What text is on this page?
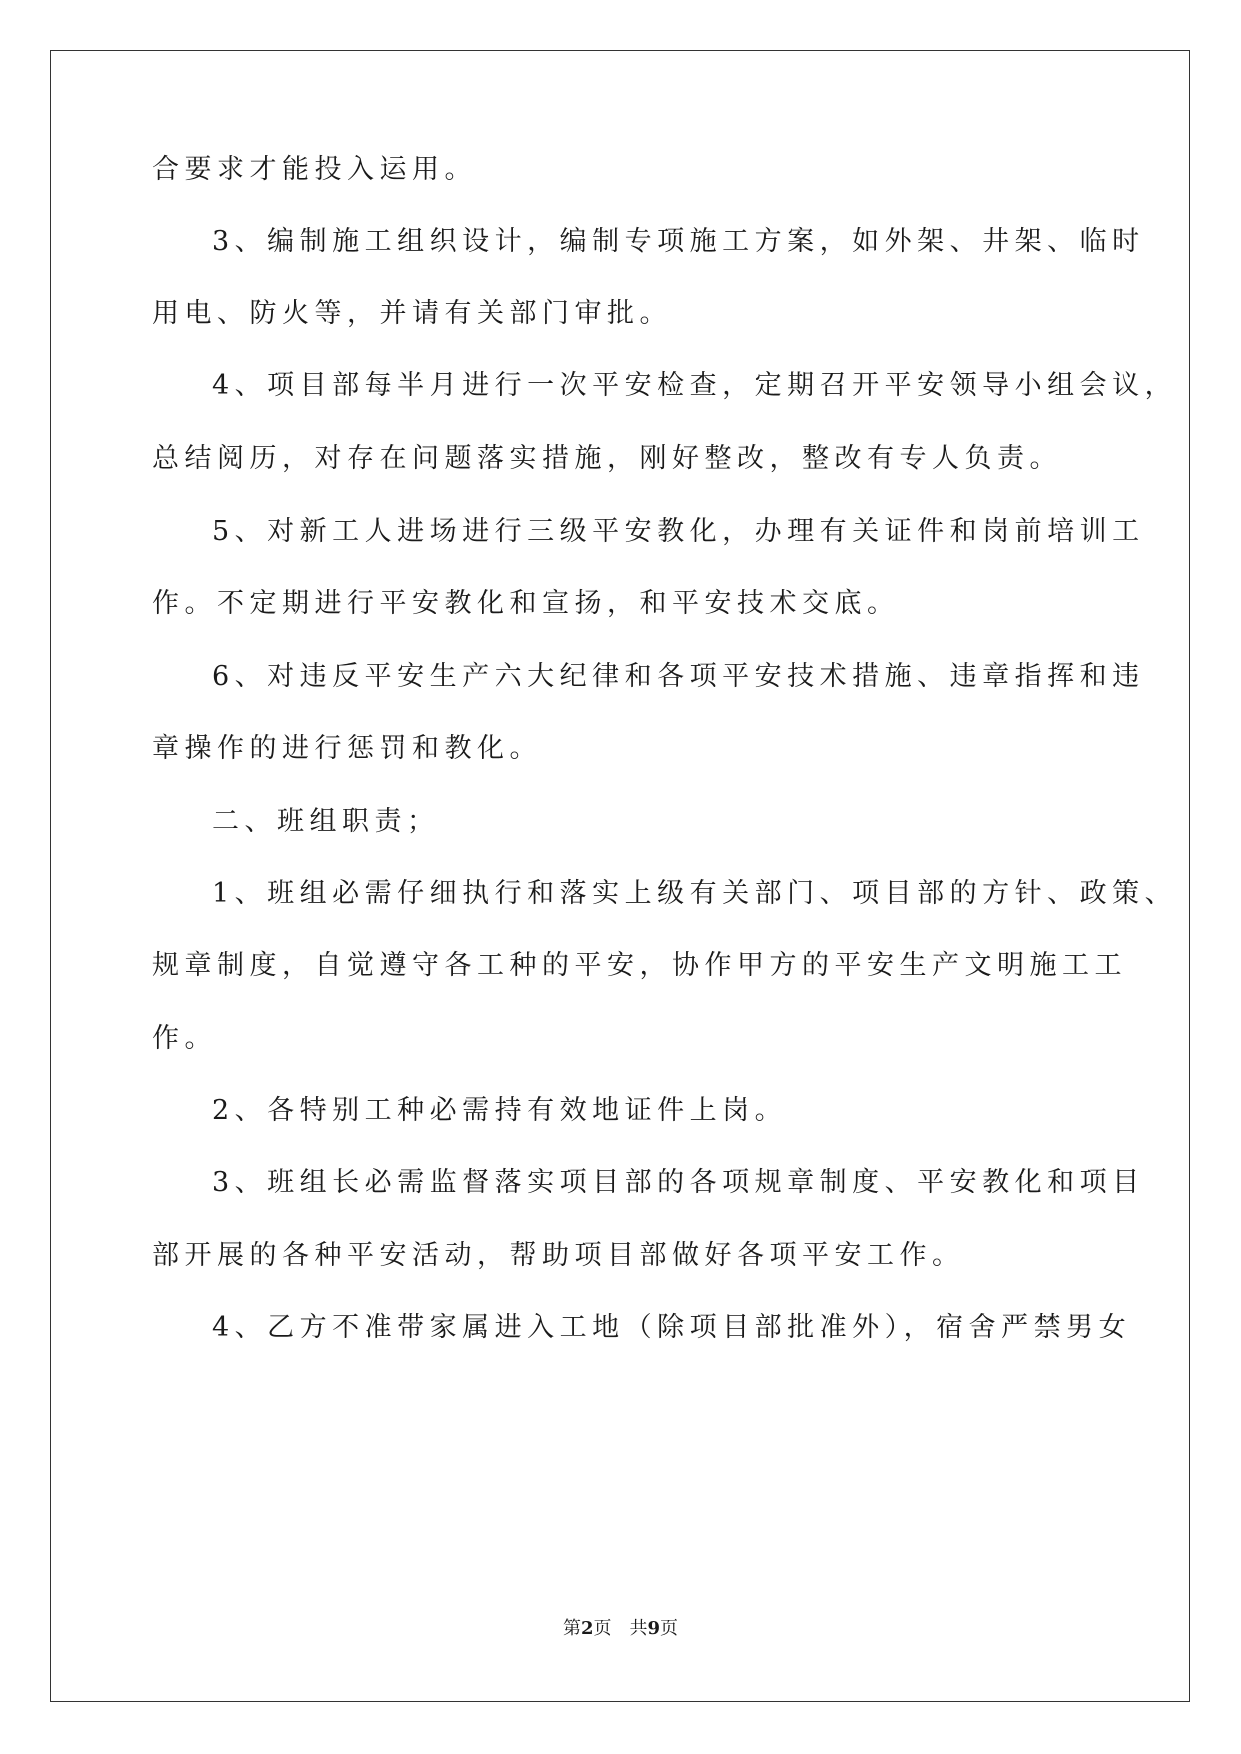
合要求才能投入运用。
3、编制施工组织设计，编制专项施工方案，如外架、井架、临时
用电、防火等，并请有关部门审批。
4、项目部每半月进行一次平安检查，定期召开平安领导小组会议，
总结阅历，对存在问题落实措施，刚好整改，整改有专人负责。
5、对新工人进场进行三级平安教化，办理有关证件和岗前培训工
作。不定期进行平安教化和宣扬，和平安技术交底。
6、对违反平安生产六大纪律和各项平安技术措施、违章指挥和违
章操作的进行惩罚和教化。
二、班组职责；
1、班组必需仔细执行和落实上级有关部门、项目部的方针、政策、
规章制度，自觉遵守各工种的平安，协作甲方的平安生产文明施工工
作。
2、各特别工种必需持有效地证件上岗。
3、班组长必需监督落实项目部的各项规章制度、平安教化和项目
部开展的各种平安活动，帮助项目部做好各项平安工作。
4、乙方不准带家属进入工地（除项目部批准外），宿舍严禁男女
第2页 共9页
